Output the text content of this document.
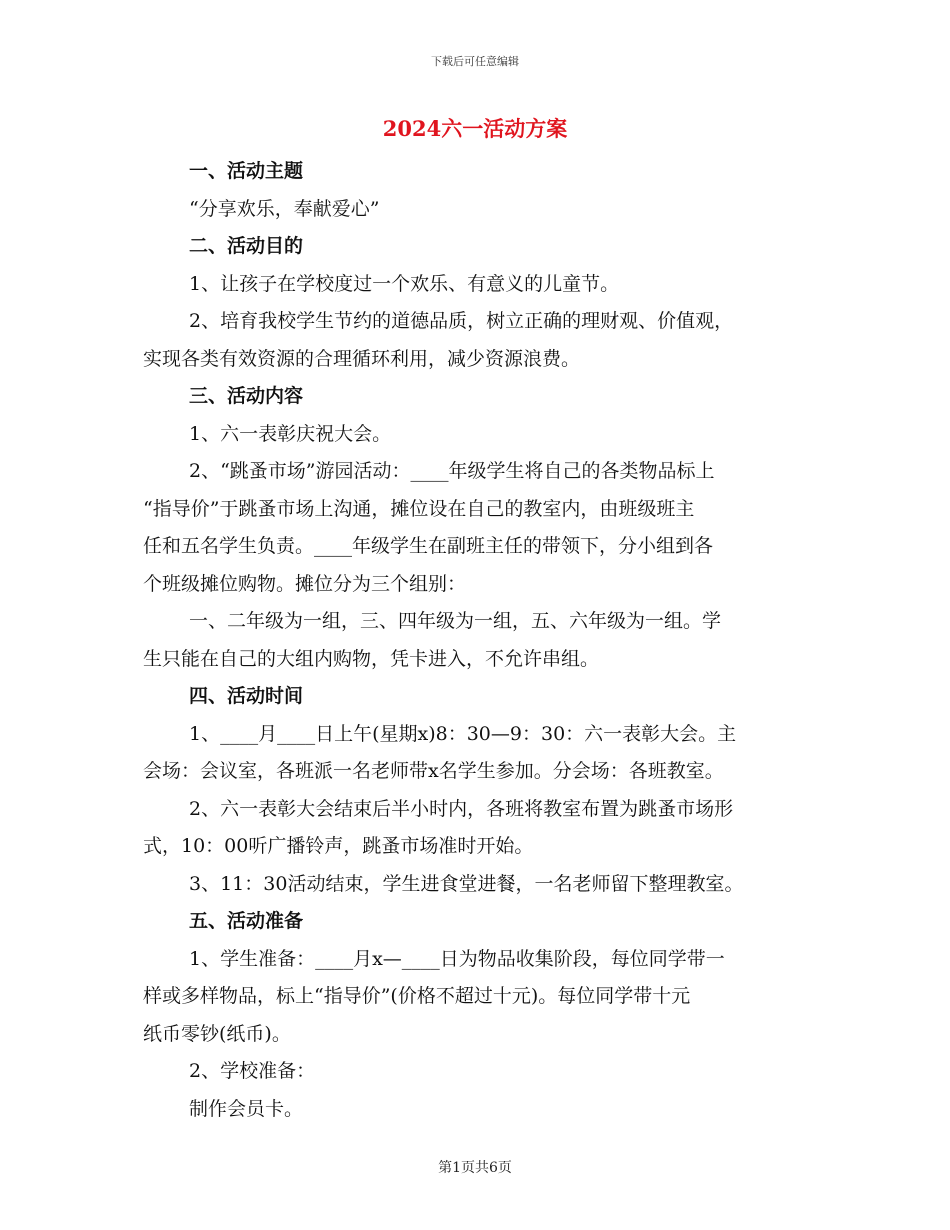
下载后可任意编辑
2024六一活动方案
一、活动主题
“分享欢乐，奉献爱心”
二、活动目的
1、让孩子在学校度过一个欢乐、有意义的儿童节。
2、培育我校学生节约的道德品质，树立正确的理财观、价值观，
实现各类有效资源的合理循环利用，减少资源浪费。
三、活动内容
1、六一表彰庆祝大会。
2、“跳蚤市场”游园活动：____年级学生将自己的各类物品标上
“指导价”于跳蚤市场上沟通，摊位设在自己的教室内，由班级班主
任和五名学生负责。____年级学生在副班主任的带领下，分小组到各
个班级摊位购物。摊位分为三个组别：
一、二年级为一组，三、四年级为一组，五、六年级为一组。学
生只能在自己的大组内购物，凭卡进入，不允许串组。
四、活动时间
1、____月____日上午(星期x)8：30—9：30：六一表彰大会。主
会场：会议室，各班派一名老师带x名学生参加。分会场：各班教室。
2、六一表彰大会结束后半小时内，各班将教室布置为跳蚤市场形
式，10：00听广播铃声，跳蚤市场准时开始。
3、11：30活动结束，学生进食堂进餐，一名老师留下整理教室。
五、活动准备
1、学生准备：____月x—____日为物品收集阶段，每位同学带一
样或多样物品，标上“指导价”(价格不超过十元)。每位同学带十元
纸币零钞(纸币)。
2、学校准备：
制作会员卡。
第1页共6页
